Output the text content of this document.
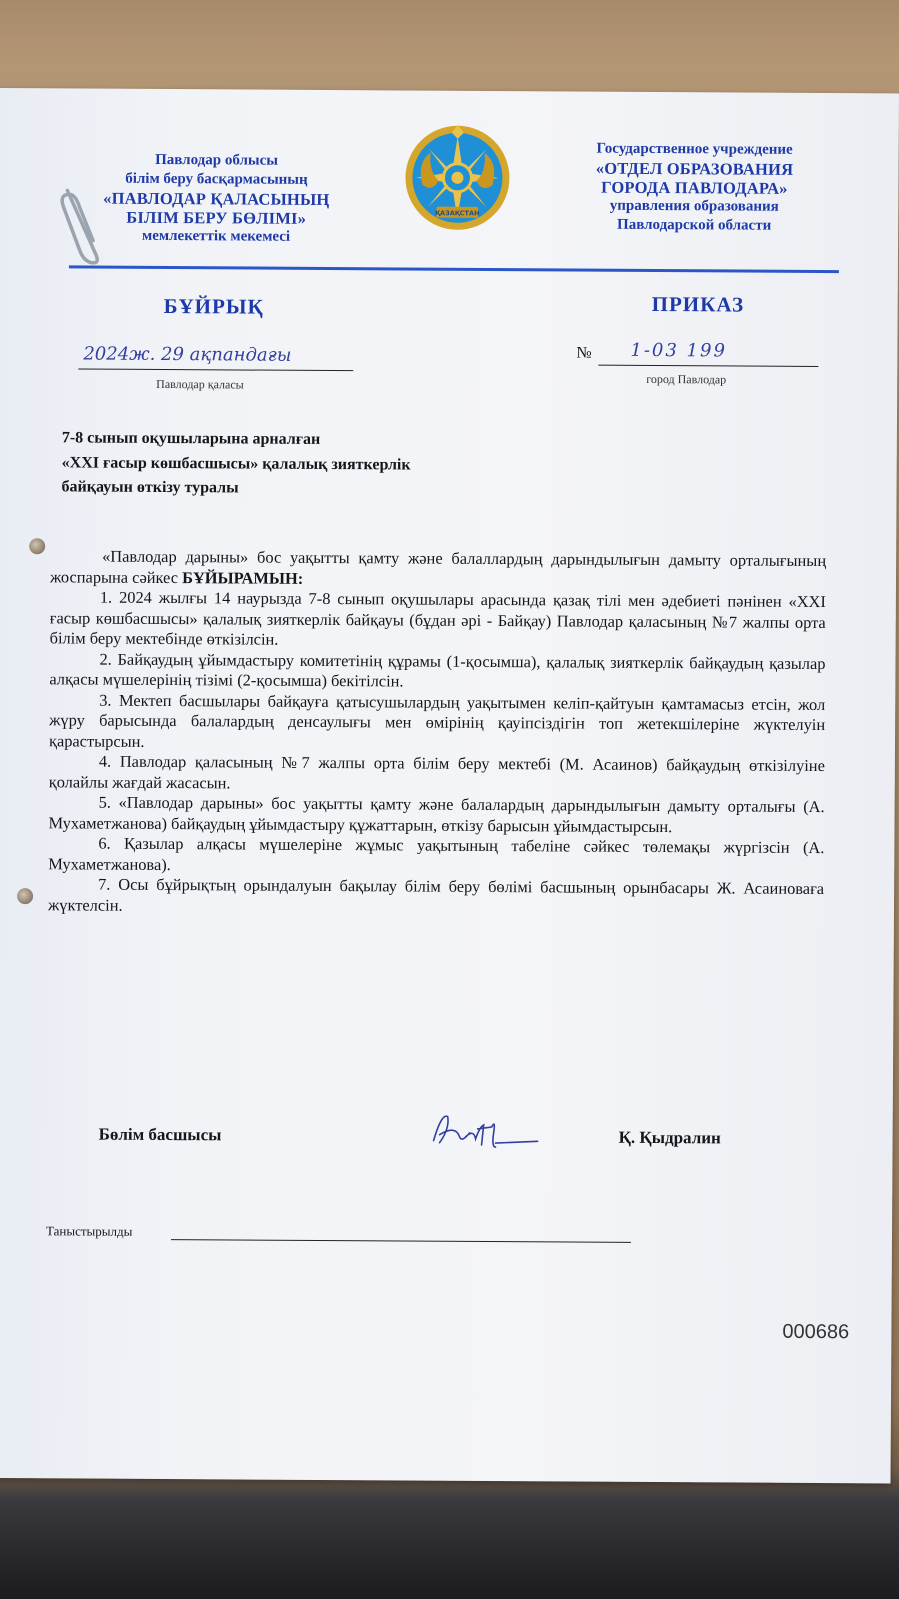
Павлодар облысы
білім беру басқармасының
«ПАВЛОДАР ҚАЛАСЫНЫҢ
БІЛІМ БЕРУ БӨЛІМІ»
мемлекеттік мекемесі
ҚАЗАҚСТАН
Государственное учреждение
«ОТДЕЛ ОБРАЗОВАНИЯ
ГОРОДА ПАВЛОДАРА»
управления образования
Павлодарской области
БҰЙРЫҚ	ПРИКАЗ
2024ж. 29 ақпандағы
Павлодар қаласы
№ 1-03 199
город Павлодар
7-8 сынып оқушыларына арналған
«XXI ғасыр көшбасшысы» қалалық зияткерлік
байқауын өткізу туралы

«Павлодар дарыны» бос уақытты қамту және балаллардың дарындылығын дамыту орталығының жоспарына сәйкес БҰЙЫРАМЫН:

1. 2024 жылғы 14 наурызда 7-8 сынып оқушылары арасында қазақ тілі мен әдебиеті пәнінен «XXI ғасыр көшбасшысы» қалалық зияткерлік байқауы (бұдан әрі - Байқау) Павлодар қаласының №7 жалпы орта білім беру мектебінде өткізілсін.

2. Байқаудың ұйымдастыру комитетінің құрамы (1-қосымша), қалалық зияткерлік байқаудың қазылар алқасы мүшелерінің тізімі (2-қосымша) бекітілсін.

3. Мектеп басшылары байқауға қатысушылардың уақытымен келіп-қайтуын қамтамасыз етсін, жол жүру барысында балалардың денсаулығы мен өмірінің қауіпсіздігін топ жетекшілеріне жүктелуін қарастырсын.

4. Павлодар қаласының №7 жалпы орта білім беру мектебі (М. Асаинов) байқаудың өткізілуіне қолайлы жағдай жасасын.

5. «Павлодар дарыны» бос уақытты қамту және балалардың дарындылығын дамыту орталығы (А. Мухаметжанова) байқаудың ұйымдастыру құжаттарын, өткізу барысын ұйымдастырсын.

6. Қазылар алқасы мүшелеріне жұмыс уақытының табеліне сәйкес төлемақы жүргізсін (А. Мухаметжанова).

7. Осы бұйрықтың орындалуын бақылау білім беру бөлімі басшының орынбасары Ж. Асаиноваға жүктелсін.

Бөлім басшысы	Қ. Қыдралин
Таныстырылды
000686
